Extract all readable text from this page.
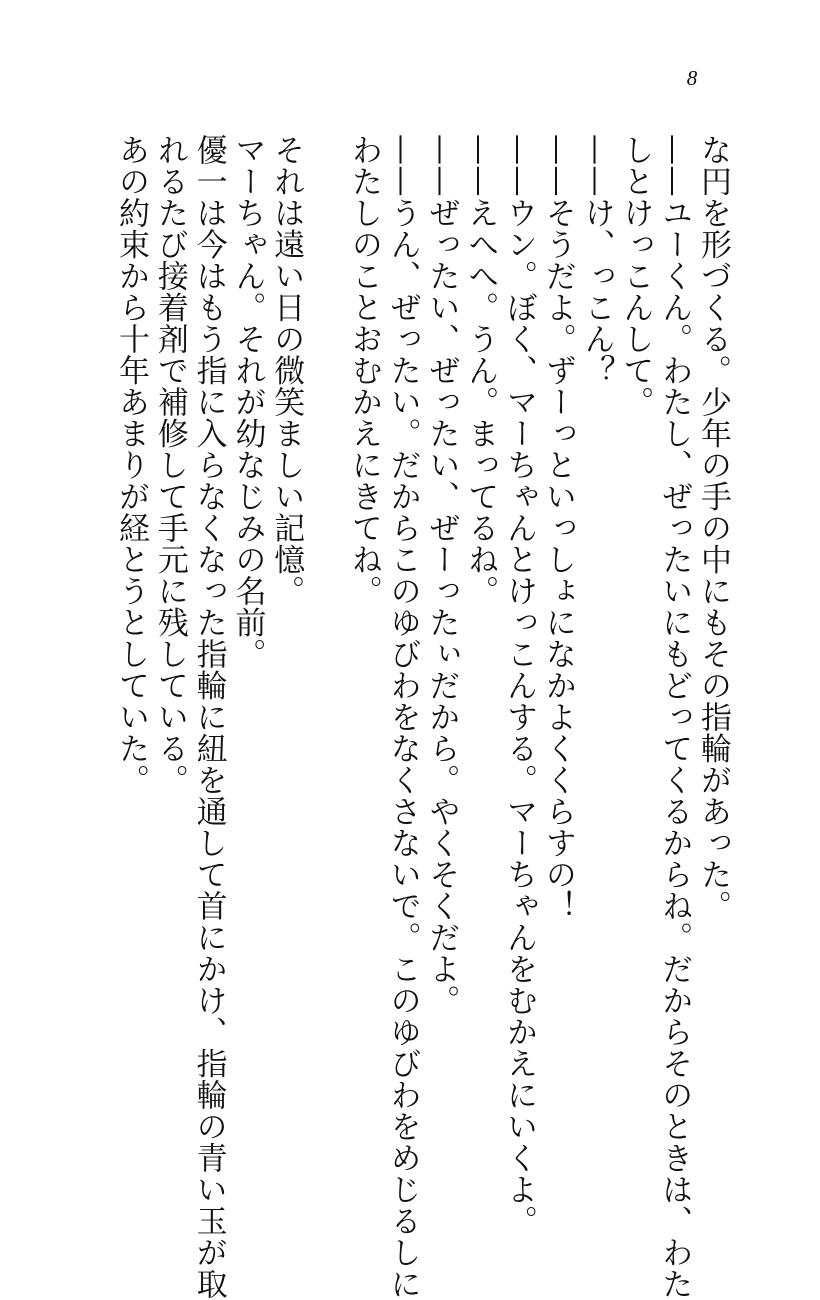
8
な円を形づくる。少年の手の中にもその指輪があった。
——ユーくん。わたし、ぜったいにもどってくるからね。だからそのときは、わた
しとけっこんして。
——け、っこん？
——そうだよ。ずーっといっしょになかよくくらすの！
——ウン。ぼく、マーちゃんとけっこんする。マーちゃんをむかえにいくよ。
——えへへ。うん。まってるね。
——ぜったい、ぜったい、ぜーったぃだから。やくそくだよ。
——うん、ぜったい。だからこのゆびわをなくさないで。このゆびわをめじるしに
わたしのことおむかえにきてね。
それは遠い日の微笑ましい記憶。
マーちゃん。それが幼なじみの名前。
優一は今はもう指に入らなくなった指輪に紐を通して首にかけ、指輪の青い玉が取
れるたび接着剤で補修して手元に残している。
あの約束から十年あまりが経とうとしていた。
